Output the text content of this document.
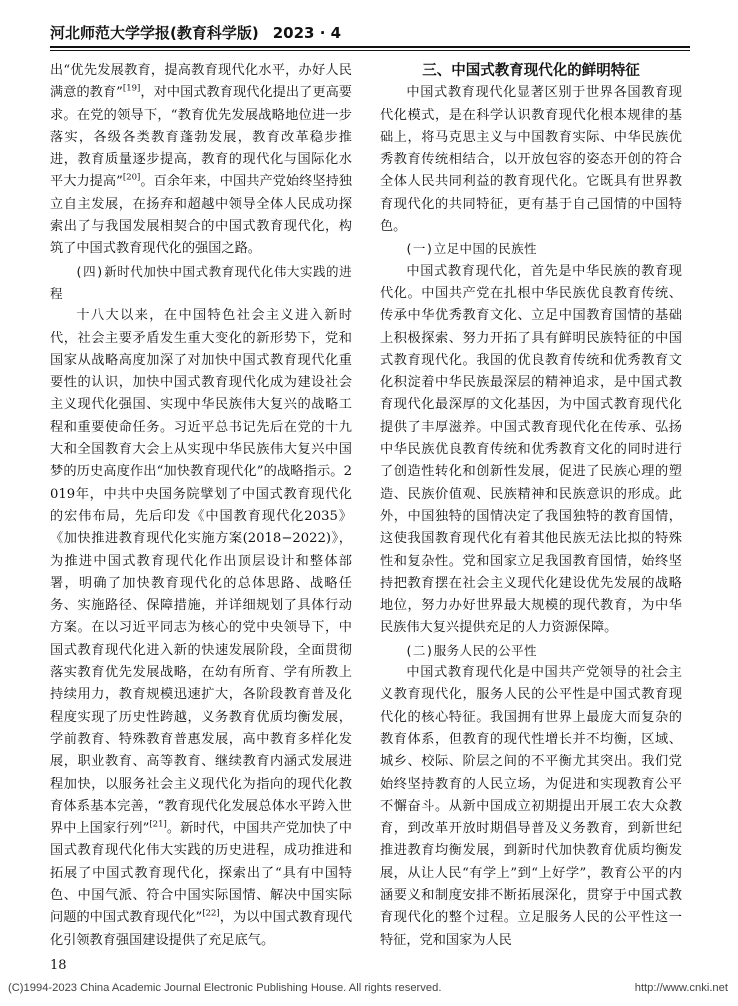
河北师范大学学报(教育科学版) 2023 · 4

出“优先发展教育，提高教育现代化水平，办好人民满意的教育”[19]，对中国式教育现代化提出了更高要求。在党的领导下，“教育优先发展战略地位进一步落实，各级各类教育蓬勃发展，教育改革稳步推进，教育质量逐步提高，教育的现代化与国际化水平大力提高”[20]。百余年来，中国共产党始终坚持独立自主发展，在扬弃和超越中领导全体人民成功探索出了与我国发展相契合的中国式教育现代化，构筑了中国式教育现代化的强国之路。

(四)新时代加快中国式教育现代化伟大实践的进程

十八大以来，在中国特色社会主义进入新时代，社会主要矛盾发生重大变化的新形势下，党和国家从战略高度加深了对加快中国式教育现代化重要性的认识，加快中国式教育现代化成为建设社会主义现代化强国、实现中华民族伟大复兴的战略工程和重要使命任务。习近平总书记先后在党的十九大和全国教育大会上从实现中华民族伟大复兴中国梦的历史高度作出“加快教育现代化”的战略指示。2019年，中共中央国务院擘划了中国式教育现代化的宏伟布局，先后印发《中国教育现代化2035》《加快推进教育现代化实施方案(2018−2022)》，为推进中国式教育现代化作出顶层设计和整体部署，明确了加快教育现代化的总体思路、战略任务、实施路径、保障措施，并详细规划了具体行动方案。在以习近平同志为核心的党中央领导下，中国式教育现代化进入新的快速发展阶段，全面贯彻落实教育优先发展战略，在幼有所育、学有所教上持续用力，教育规模迅速扩大，各阶段教育普及化程度实现了历史性跨越，义务教育优质均衡发展，学前教育、特殊教育普惠发展，高中教育多样化发展，职业教育、高等教育、继续教育内涵式发展进程加快，以服务社会主义现代化为指向的现代化教育体系基本完善，“教育现代化发展总体水平跨入世界中上国家行列”[21]。新时代，中国共产党加快了中国式教育现代化伟大实践的历史进程，成功推进和拓展了中国式教育现代化，探索出了“具有中国特色、中国气派、符合中国实际国情、解决中国实际问题的中国式教育现代化”[22]，为以中国式教育现代化引领教育强国建设提供了充足底气。

三、中国式教育现代化的鲜明特征

中国式教育现代化显著区别于世界各国教育现代化模式，是在科学认识教育现代化根本规律的基础上，将马克思主义与中国教育实际、中华民族优秀教育传统相结合，以开放包容的姿态开创的符合全体人民共同利益的教育现代化。它既具有世界教育现代化的共同特征，更有基于自己国情的中国特色。

(一)立足中国的民族性

中国式教育现代化，首先是中华民族的教育现代化。中国共产党在扎根中华民族优良教育传统、传承中华优秀教育文化、立足中国教育国情的基础上积极探索、努力开拓了具有鲜明民族特征的中国式教育现代化。我国的优良教育传统和优秀教育文化积淀着中华民族最深层的精神追求，是中国式教育现代化最深厚的文化基因，为中国式教育现代化提供了丰厚滋养。中国式教育现代化在传承、弘扬中华民族优良教育传统和优秀教育文化的同时进行了创造性转化和创新性发展，促进了民族心理的塑造、民族价值观、民族精神和民族意识的形成。此外，中国独特的国情决定了我国独特的教育国情，这使我国教育现代化有着其他民族无法比拟的特殊性和复杂性。党和国家立足我国教育国情，始终坚持把教育摆在社会主义现代化建设优先发展的战略地位，努力办好世界最大规模的现代教育，为中华民族伟大复兴提供充足的人力资源保障。

(二)服务人民的公平性

中国式教育现代化是中国共产党领导的社会主义教育现代化，服务人民的公平性是中国式教育现代化的核心特征。我国拥有世界上最庞大而复杂的教育体系，但教育的现代性增长并不均衡，区域、城乡、校际、阶层之间的不平衡尤其突出。我们党始终坚持教育的人民立场，为促进和实现教育公平不懈奋斗。从新中国成立初期提出开展工农大众教育，到改革开放时期倡导普及义务教育，到新世纪推进教育均衡发展，到新时代加快教育优质均衡发展，从让人民“有学上”到“上好学”，教育公平的内涵要义和制度安排不断拓展深化，贯穿于中国式教育现代化的整个过程。立足服务人民的公平性这一特征，党和国家为人民

18
(C)1994-2023 China Academic Journal Electronic Publishing House. All rights reserved.	http://www.cnki.net
